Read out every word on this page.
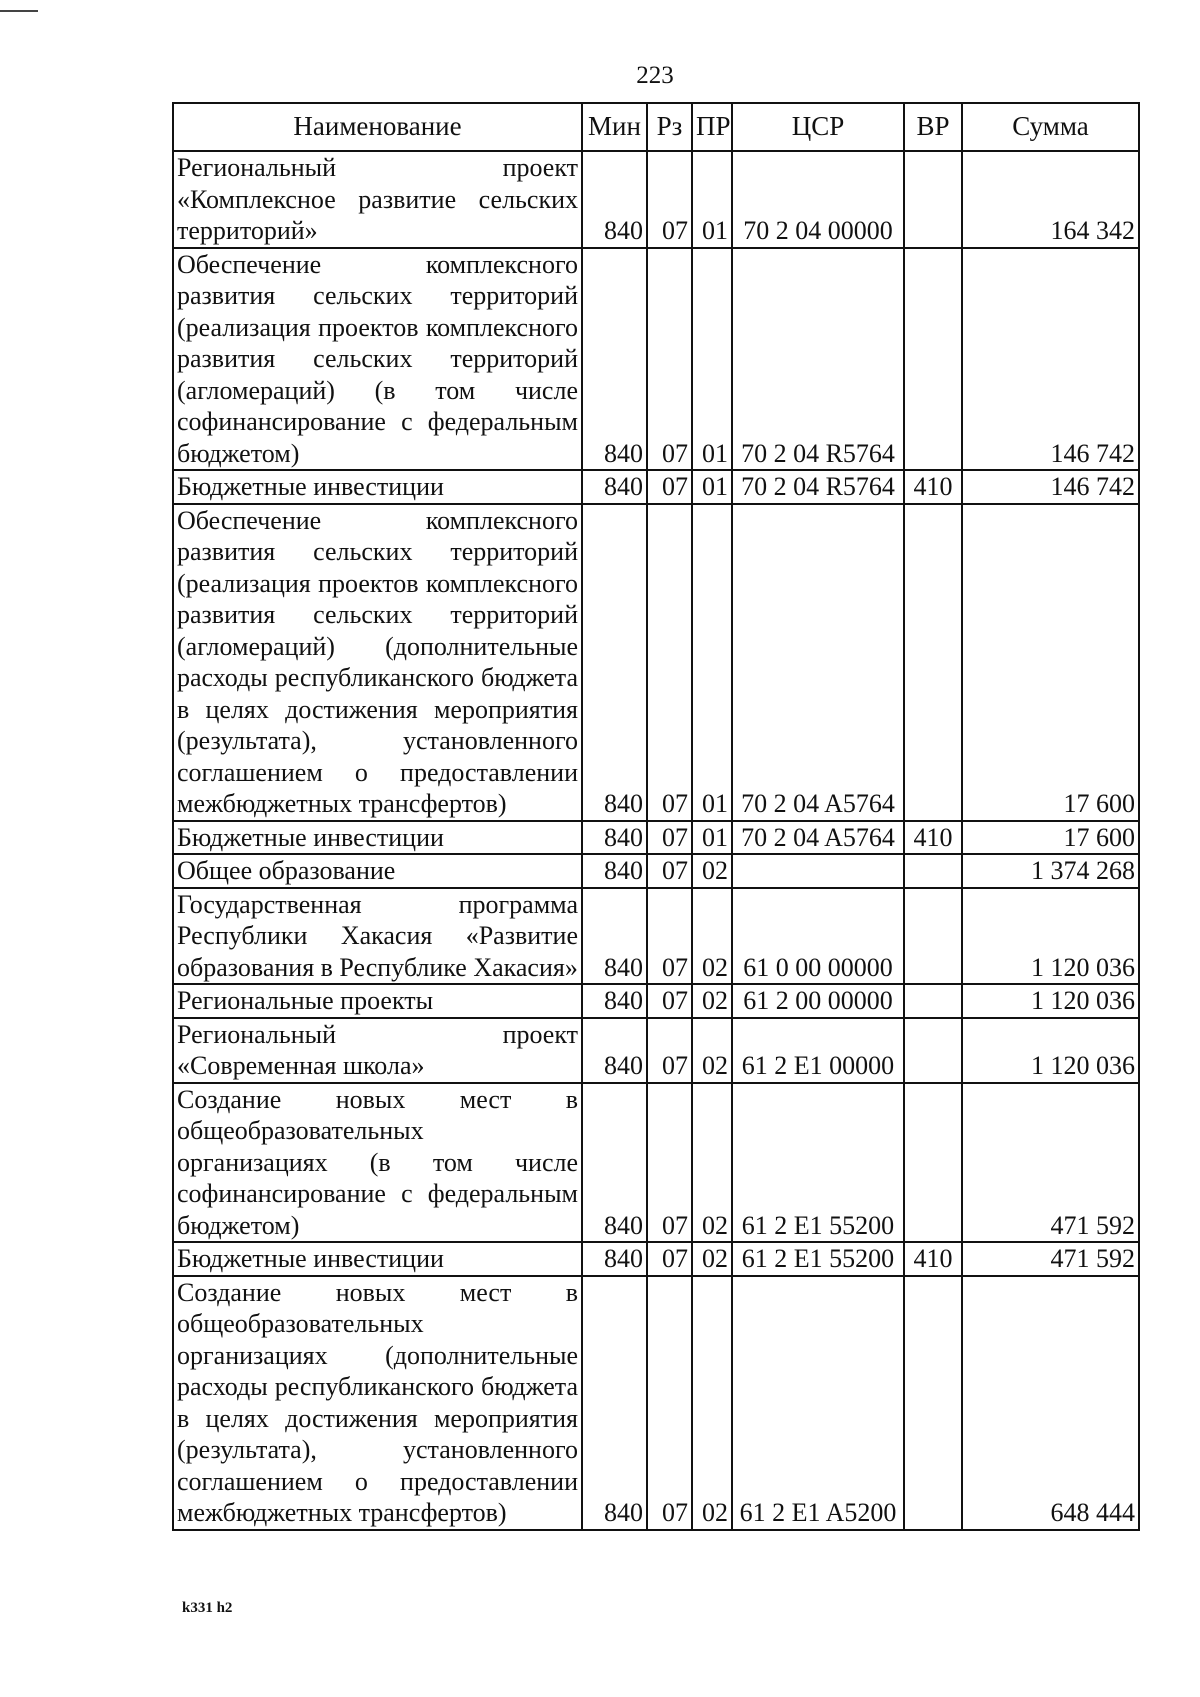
223
Наименование	Мин	Рз	ПР	ЦСР	ВР	Сумма
Региональный проект «Комплексное развитие сельских территорий»	840	07	01	70 2 04 00000		164 342
Обеспечение комплексного развития сельских территорий (реализация проектов комплексного развития сельских территорий (агломераций) (в том числе софинансирование с федеральным бюджетом)	840	07	01	70 2 04 R5764		146 742
Бюджетные инвестиции	840	07	01	70 2 04 R5764	410	146 742
Обеспечение комплексного развития сельских территорий (реализация проектов комплексного развития сельских территорий (агломераций) (дополнительные расходы республиканского бюджета в целях достижения мероприятия (результата), установленного соглашением о предоставлении межбюджетных трансфертов)	840	07	01	70 2 04 A5764		17 600
Бюджетные инвестиции	840	07	01	70 2 04 A5764	410	17 600
Общее образование	840	07	02			1 374 268
Государственная программа Республики Хакасия «Развитие образования в Республике Хакасия»	840	07	02	61 0 00 00000		1 120 036
Региональные проекты	840	07	02	61 2 00 00000		1 120 036
Региональный проект «Современная школа»	840	07	02	61 2 E1 00000		1 120 036
Создание новых мест в общеобразовательных организациях (в том числе софинансирование с федеральным бюджетом)	840	07	02	61 2 E1 55200		471 592
Бюджетные инвестиции	840	07	02	61 2 E1 55200	410	471 592
Создание новых мест в общеобразовательных организациях (дополнительные расходы республиканского бюджета в целях достижения мероприятия (результата), установленного соглашением о предоставлении межбюджетных трансфертов)	840	07	02	61 2 E1 A5200		648 444
k331 h2
